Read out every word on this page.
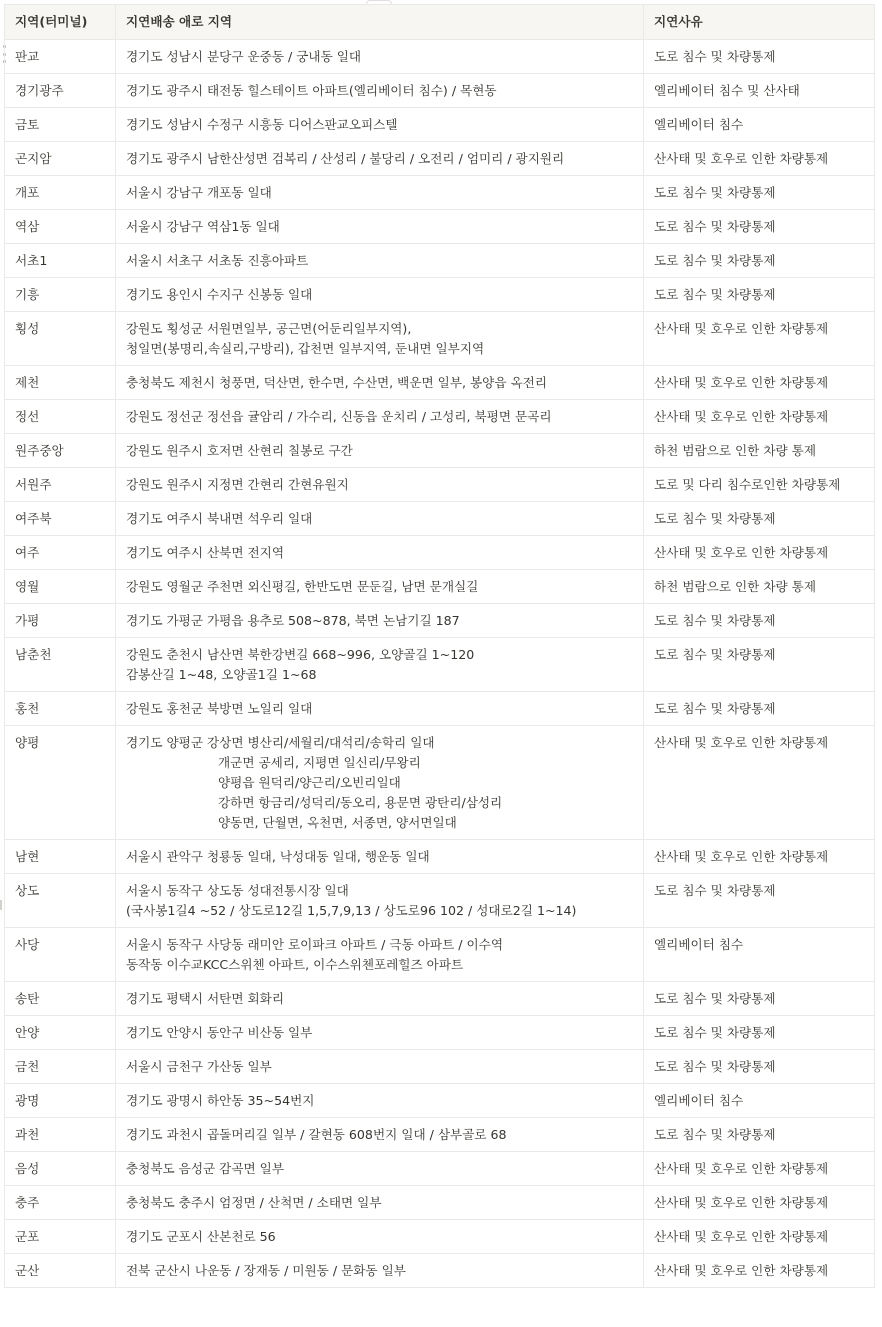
지역(터미널)	지연배송 애로 지역	지연사유
판교	경기도 성남시 분당구 운중동 / 궁내동 일대	도로 침수 및 차량통제
경기광주	경기도 광주시 태전동 힐스테이트 아파트(엘리베이터 침수) / 목현동	엘리베이터 침수 및 산사태
금토	경기도 성남시 수정구 시흥동 디어스판교오피스텔	엘리베이터 침수
곤지암	경기도 광주시 남한산성면 검복리 / 산성리 / 불당리 / 오전리 / 엄미리 / 광지원리	산사태 및 호우로 인한 차량통제
개포	서울시 강남구 개포동 일대	도로 침수 및 차량통제
역삼	서울시 강남구 역삼1동 일대	도로 침수 및 차량통제
서초1	서울시 서초구 서초동 진흥아파트	도로 침수 및 차량통제
기흥	경기도 용인시 수지구 신봉동 일대	도로 침수 및 차량통제
횡성	강원도 횡성군 서원면일부, 공근면(어둔리일부지역),
청일면(봉명리,속실리,구방리), 갑천면 일부지역, 둔내면 일부지역	산사태 및 호우로 인한 차량통제
제천	충청북도 제천시 청풍면, 덕산면, 한수면, 수산면, 백운면 일부, 봉양읍 옥전리	산사태 및 호우로 인한 차량통제
정선	강원도 정선군 정선읍 귤암리 / 가수리, 신동읍 운치리 / 고성리, 북평면 문곡리	산사태 및 호우로 인한 차량통제
원주중앙	강원도 원주시 호저면 산현리 칠봉로 구간	하천 범람으로 인한 차량 통제
서원주	강원도 원주시 지정면 간현리 간현유원지	도로 및 다리 침수로인한 차량통제
여주북	경기도 여주시 북내면 석우리 일대	도로 침수 및 차량통제
여주	경기도 여주시 산북면 전지역	산사태 및 호우로 인한 차량통제
영월	강원도 영월군 주천면 외신평길, 한반도면 문둔길, 남면 문개실길	하천 범람으로 인한 차량 통제
가평	경기도 가평군 가평읍 용추로 508~878, 북면 논남기길 187	도로 침수 및 차량통제
남춘천	강원도 춘천시 남산면 북한강변길 668~996, 오양골길 1~120
감봉산길 1~48, 오양골1길 1~68	도로 침수 및 차량통제
홍천	강원도 홍천군 북방면 노일리 일대	도로 침수 및 차량통제
양평	경기도 양평군 강상면 병산리/세월리/대석리/송학리 일대
개군면 공세리, 지평면 일신리/무왕리
양평읍 원덕리/양근리/오빈리일대
강하면 항금리/성덕리/동오리, 용문면 광탄리/삼성리
양동면, 단월면, 옥천면, 서종면, 양서면일대	산사태 및 호우로 인한 차량통제
남현	서울시 관악구 청룡동 일대, 낙성대동 일대, 행운동 일대	산사태 및 호우로 인한 차량통제
상도	서울시 동작구 상도동 성대전통시장 일대
(국사봉1길4 ~52 / 상도로12길 1,5,7,9,13 / 상도로96 102 / 성대로2길 1~14)	도로 침수 및 차량통제
사당	서울시 동작구 사당동 래미안 로이파크 아파트 / 극동 아파트 / 이수역
동작동 이수교KCC스위첸 아파트, 이수스위첸포레힐즈 아파트	엘리베이터 침수
송탄	경기도 평택시 서탄면 회화리	도로 침수 및 차량통제
안양	경기도 안양시 동안구 비산동 일부	도로 침수 및 차량통제
금천	서울시 금천구 가산동 일부	도로 침수 및 차량통제
광명	경기도 광명시 하안동 35~54번지	엘리베이터 침수
과천	경기도 과천시 곱돌머리길 일부 / 갈현동 608번지 일대 / 삼부골로 68	도로 침수 및 차량통제
음성	충청북도 음성군 감곡면 일부	산사태 및 호우로 인한 차량통제
충주	충청북도 충주시 엄정면 / 산척면 / 소태면 일부	산사태 및 호우로 인한 차량통제
군포	경기도 군포시 산본천로 56	산사태 및 호우로 인한 차량통제
군산	전북 군산시 나운동 / 장재동 / 미원동 / 문화동 일부	산사태 및 호우로 인한 차량통제
